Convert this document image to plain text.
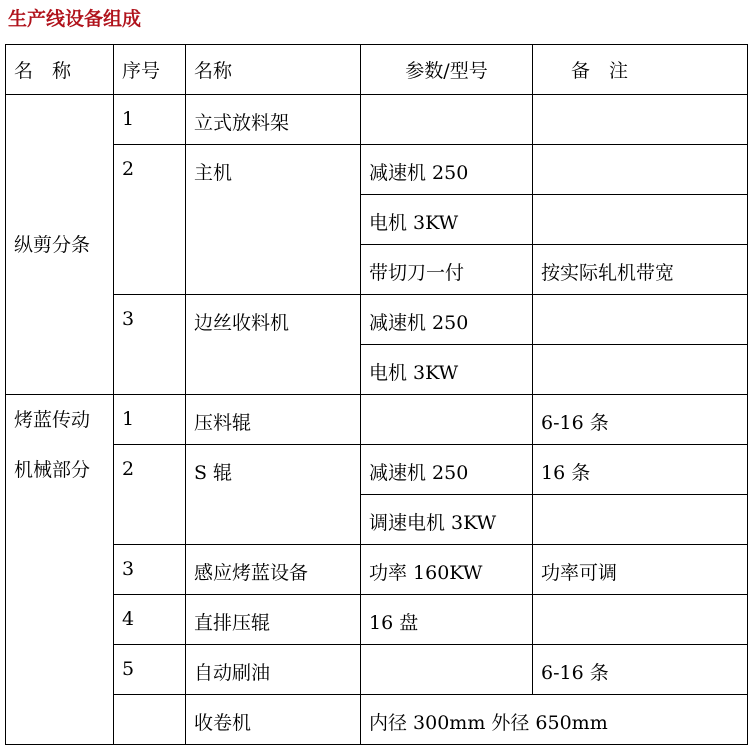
生产线设备组成
名　称	序号	名称	参数/型号	备　注

纵剪分条	1	立式放料架		
	2	主机	减速机 250	
			电机 3KW	
			带切刀一付	按实际轧机带宽
	3	边丝收料机	减速机 250	
			电机 3KW	

烤蓝传动
机械部分	1	压料辊		6-16 条
	2	S 辊	减速机 250	16 条
			调速电机 3KW	
	3	感应烤蓝设备	功率 160KW	功率可调
	4	直排压辊	16 盘	
	5	自动刷油		6-16 条
		收卷机	内径 300mm 外径 650mm	
